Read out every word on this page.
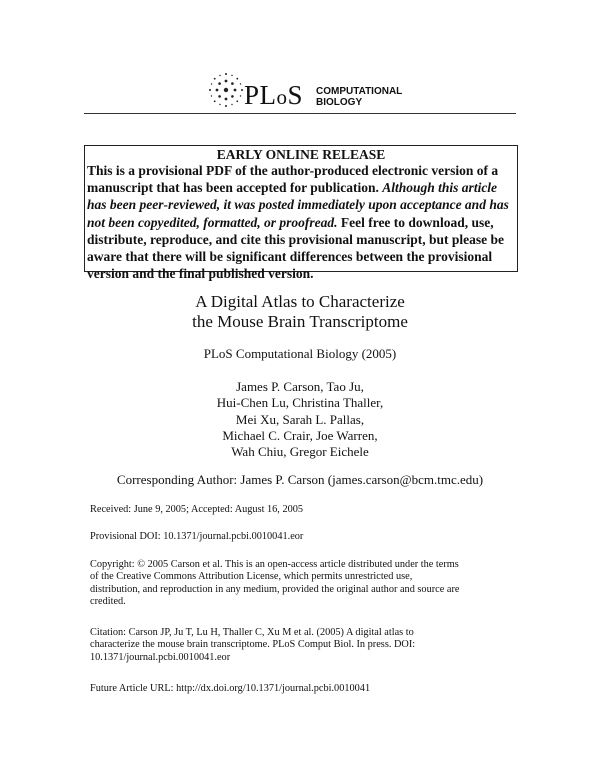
PLoS COMPUTATIONAL
BIOLOGY
EARLY ONLINE RELEASE
This is a provisional PDF of the author-produced electronic version of a manuscript that has been accepted for publication. Although this article has been peer-reviewed, it was posted immediately upon acceptance and has not been copyedited, formatted, or proofread. Feel free to download, use, distribute, reproduce, and cite this provisional manuscript, but please be aware that there will be significant differences between the provisional version and the final published version.
A Digital Atlas to Characterize
the Mouse Brain Transcriptome
PLoS Computational Biology (2005)
James P. Carson, Tao Ju,
Hui-Chen Lu, Christina Thaller,
Mei Xu, Sarah L. Pallas,
Michael C. Crair, Joe Warren,
Wah Chiu, Gregor Eichele
Corresponding Author: James P. Carson (james.carson@bcm.tmc.edu)
Received: June 9, 2005; Accepted: August 16, 2005
Provisional DOI: 10.1371/journal.pcbi.0010041.eor
Copyright: © 2005 Carson et al. This is an open-access article distributed under the terms
of the Creative Commons Attribution License, which permits unrestricted use,
distribution, and reproduction in any medium, provided the original author and source are
credited.
Citation: Carson JP, Ju T, Lu H, Thaller C, Xu M et al. (2005) A digital atlas to
characterize the mouse brain transcriptome. PLoS Comput Biol. In press. DOI:
10.1371/journal.pcbi.0010041.eor
Future Article URL: http://dx.doi.org/10.1371/journal.pcbi.0010041
